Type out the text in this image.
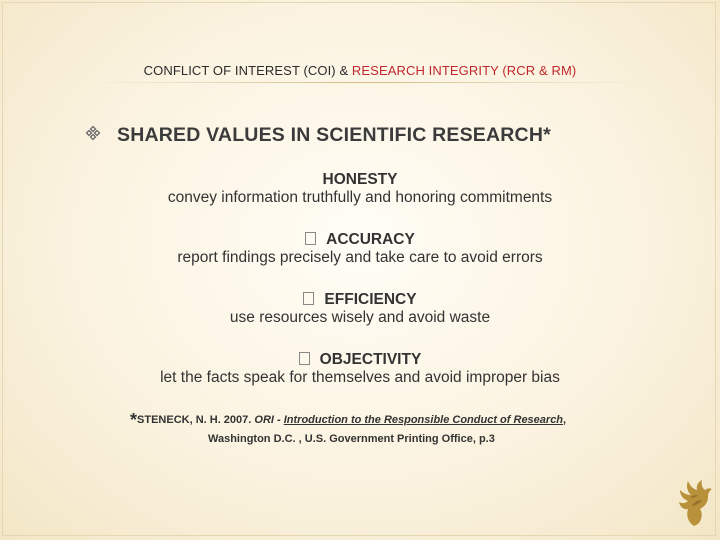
CONFLICT OF INTEREST (COI) & RESEARCH INTEGRITY (RCR & RM)
SHARED VALUES IN SCIENTIFIC RESEARCH*
HONESTY
convey information truthfully and honoring commitments
ACCURACY
report findings precisely and take care to avoid errors
EFFICIENCY
use resources wisely and avoid waste
OBJECTIVITY
let the facts speak for themselves and avoid improper bias
*STENECK, N. H. 2007. ORI - Introduction to the Responsible Conduct of Research,
Washington D.C. , U.S. Government Printing Office, p.3
